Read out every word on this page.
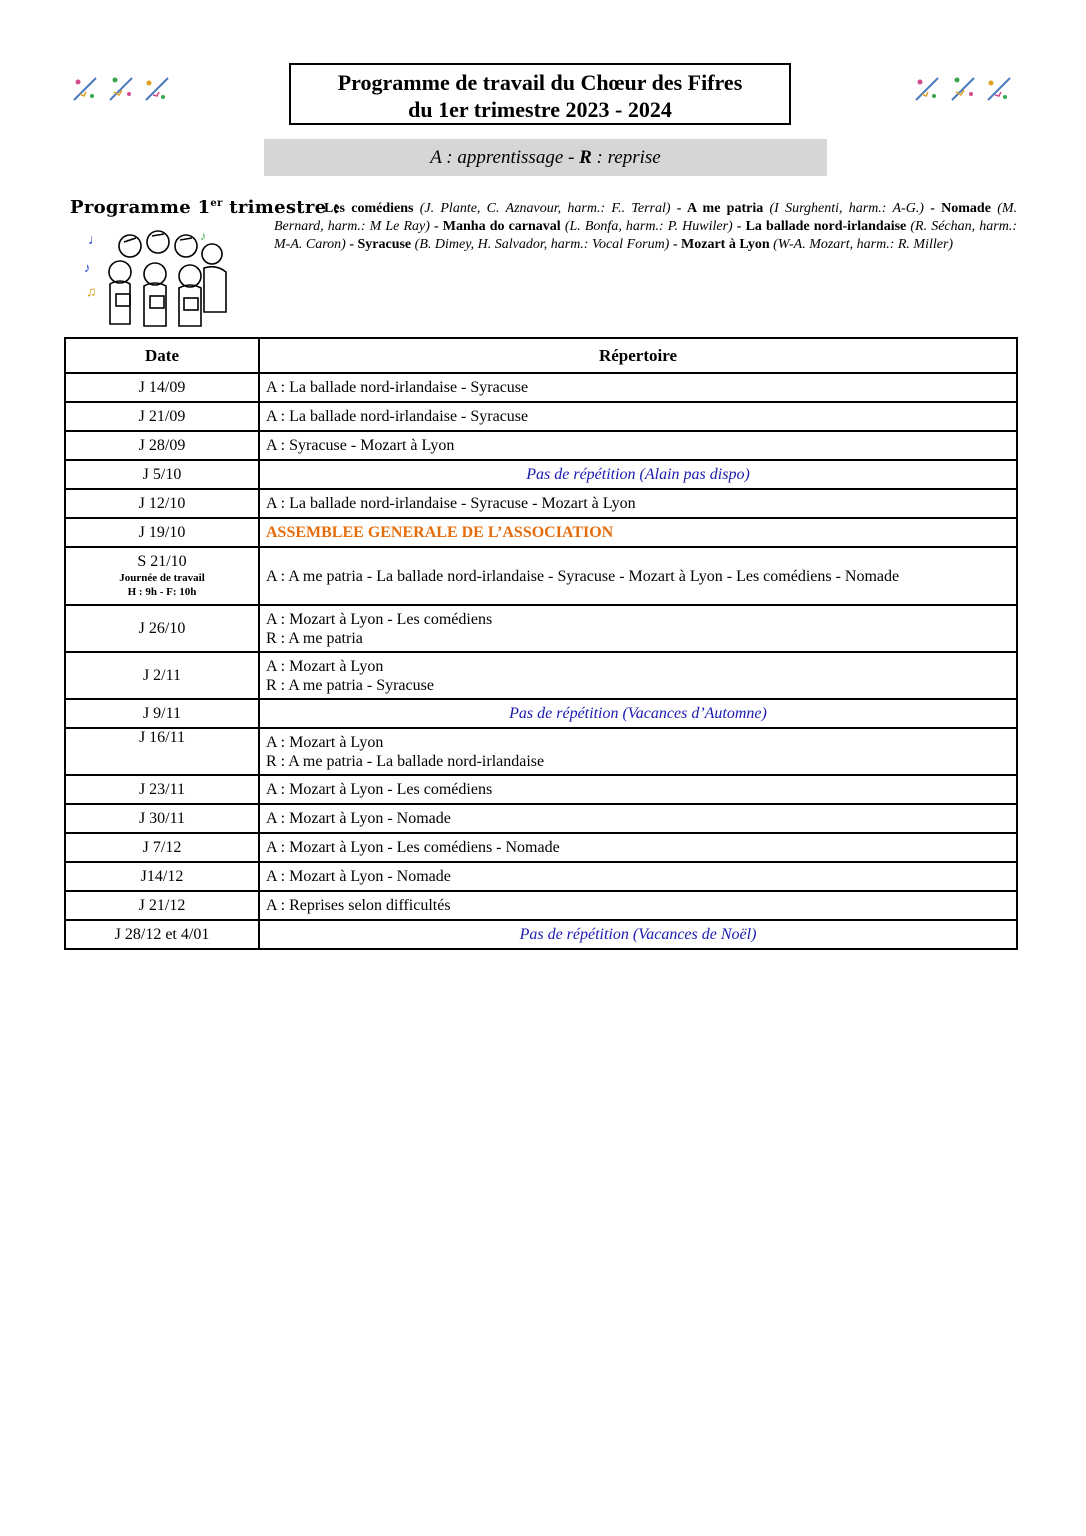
Programme de travail du Chœur des Fifres
du 1er trimestre 2023 - 2024
A : apprentissage - R : reprise
Programme 1er trimestre :
Les comédiens (J. Plante, C. Aznavour, harm.: F.. Terral) - A me patria (I Surghenti, harm.: A-G.) - Nomade (M. Bernard, harm.: M Le Ray) - Manha do carnaval (L. Bonfa, harm.: P. Huwiler) - La ballade nord-irlandaise (R. Séchan, harm.: M-A. Caron) - Syracuse (B. Dimey, H. Salvador, harm.: Vocal Forum) - Mozart à Lyon (W-A. Mozart, harm.: R. Miller)
♩
♪
♫
♪
Date	Répertoire

J 14/09	A : La ballade nord-irlandaise - Syracuse

J 21/09	A : La ballade nord-irlandaise - Syracuse

J 28/09	A : Syracuse - Mozart à Lyon

J 5/10	Pas de répétition (Alain pas dispo)

J 12/10	A : La ballade nord-irlandaise - Syracuse - Mozart à Lyon

J 19/10	ASSEMBLEE GENERALE DE L’ASSOCIATION

S 21/10
Journée de travail
H : 9h - F: 10h	A : A me patria - La ballade nord-irlandaise - Syracuse - Mozart à Lyon - Les comédiens - Nomade

J 26/10	A : Mozart à Lyon - Les comédiens
R : A me patria

J 2/11	A : Mozart à Lyon
R : A me patria - Syracuse

J 9/11	Pas de répétition (Vacances d’Automne)

J 16/11	A : Mozart à Lyon
R : A me patria - La ballade nord-irlandaise

J 23/11	A : Mozart à Lyon - Les comédiens

J 30/11	A : Mozart à Lyon - Nomade

J 7/12	A : Mozart à Lyon - Les comédiens - Nomade

J14/12	A : Mozart à Lyon - Nomade

J 21/12	A : Reprises selon difficultés

J 28/12 et 4/01	Pas de répétition (Vacances de Noël)
